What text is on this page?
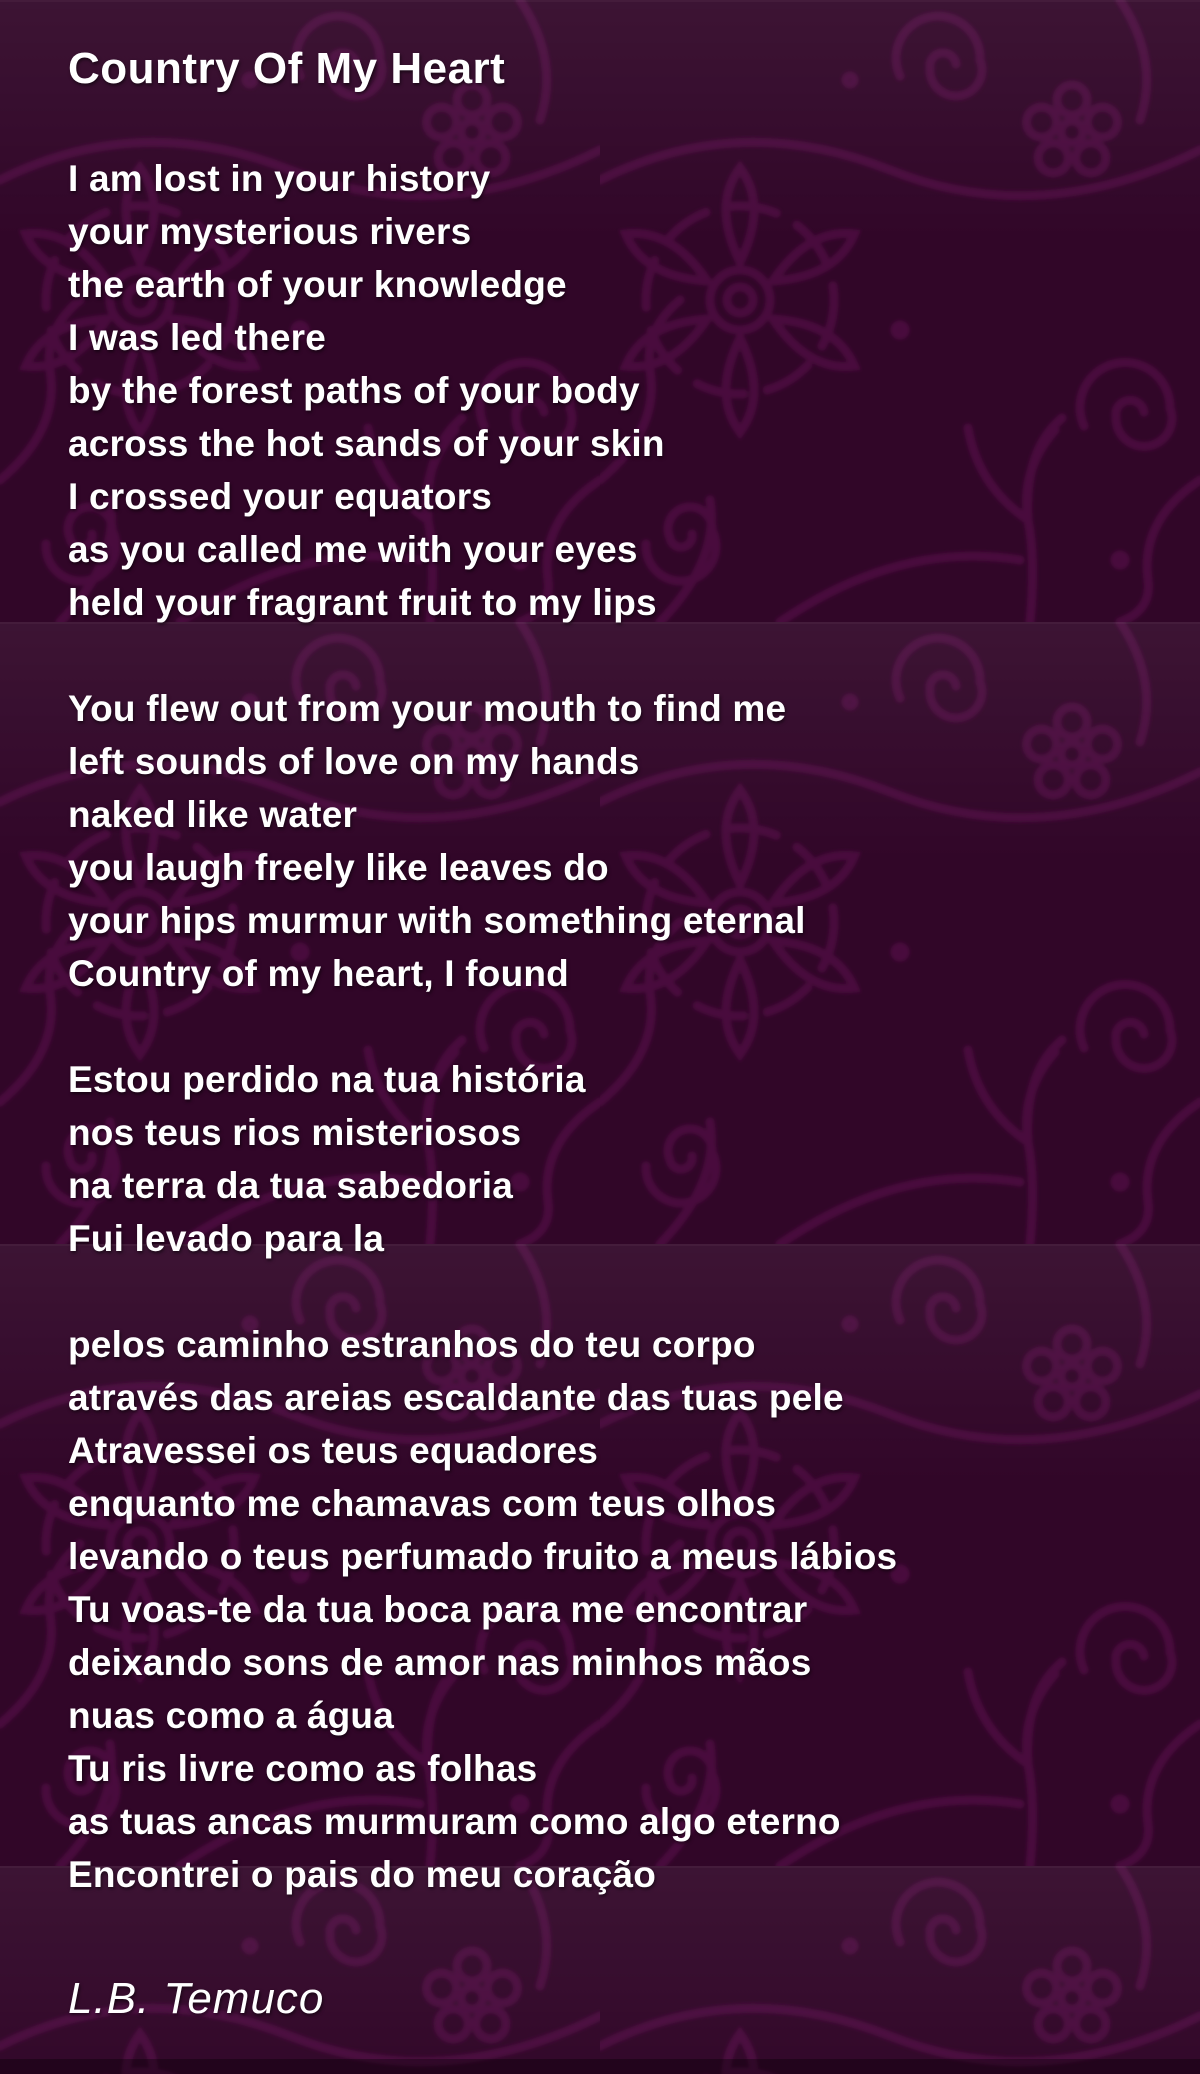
Country Of My Heart
I am lost in your history
your mysterious rivers
the earth of your knowledge
I was led there
by the forest paths of your body
across the hot sands of your skin
I crossed your equators
as you called me with your eyes
held your fragrant fruit to my lips
You flew out from your mouth to find me
left sounds of love on my hands
naked like water
you laugh freely like leaves do
your hips murmur with something eternal
Country of my heart, I found
Estou perdido na tua história
nos teus rios misteriosos
na terra da tua sabedoria
Fui levado para la
pelos caminho estranhos do teu corpo
através das areias escaldante das tuas pele
Atravessei os teus equadores
enquanto me chamavas com teus olhos
levando o teus perfumado fruito a meus lábios
Tu voas-te da tua boca para me encontrar
deixando sons de amor nas minhos mãos
nuas como a água
Tu ris livre como as folhas
as tuas ancas murmuram como algo eterno
Encontrei o pais do meu coração
L.B. Temuco
